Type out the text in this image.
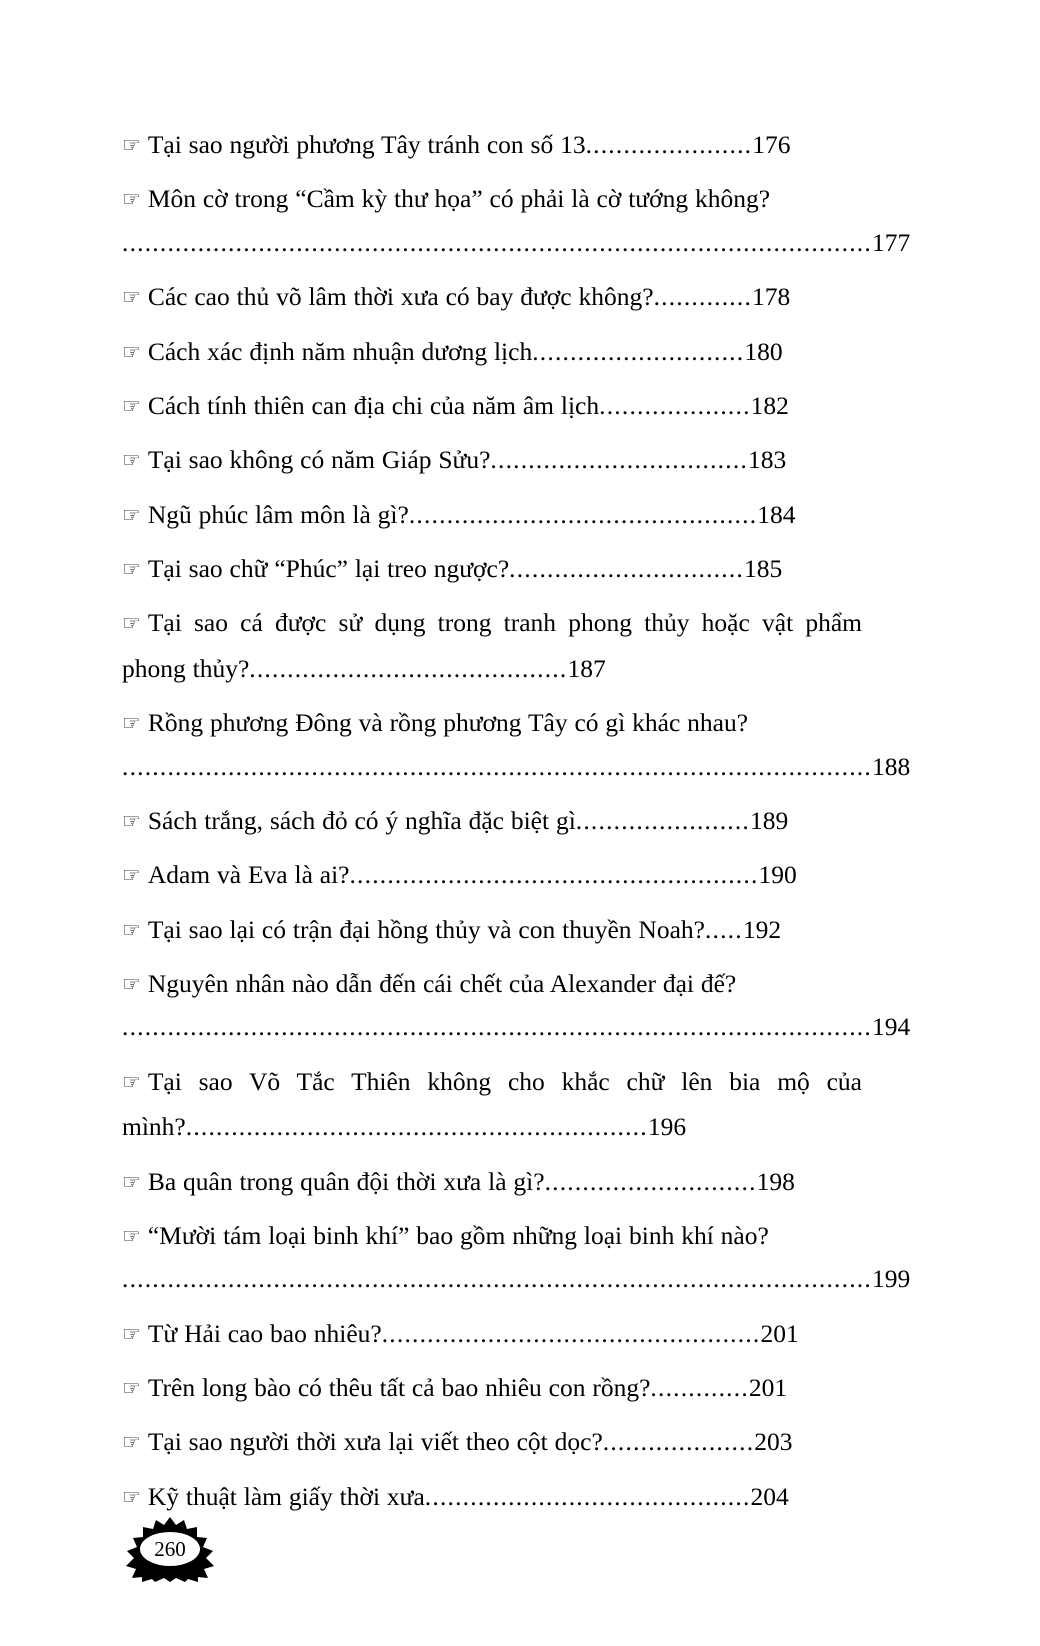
☞ Tại sao người phương Tây tránh con số 13......................176
☞ Môn cờ trong “Cầm kỳ thư họa” có phải là cờ tướng không?
...................................................................................................177
☞ Các cao thủ võ lâm thời xưa có bay được không?.............178
☞ Cách xác định năm nhuận dương lịch............................180
☞ Cách tính thiên can địa chi của năm âm lịch....................182
☞ Tại sao không có năm Giáp Sửu?..................................183
☞ Ngũ phúc lâm môn là gì?..............................................184
☞ Tại sao chữ “Phúc” lại treo ngược?...............................185
☞ Tại sao cá được sử dụng trong tranh phong thủy hoặc vật phẩm phong thủy?..........................................187
☞ Rồng phương Đông và rồng phương Tây có gì khác nhau?
...................................................................................................188
☞ Sách trắng, sách đỏ có ý nghĩa đặc biệt gì.......................189
☞ Adam và Eva là ai?......................................................190
☞ Tại sao lại có trận đại hồng thủy và con thuyền Noah?.....192
☞ Nguyên nhân nào dẫn đến cái chết của Alexander đại đế?
...................................................................................................194
☞ Tại sao Võ Tắc Thiên không cho khắc chữ lên bia mộ của mình?.............................................................196
☞ Ba quân trong quân đội thời xưa là gì?............................198
☞ “Mười tám loại binh khí” bao gồm những loại binh khí nào?
...................................................................................................199
☞ Từ Hải cao bao nhiêu?..................................................201
☞ Trên long bào có thêu tất cả bao nhiêu con rồng?.............201
☞ Tại sao người thời xưa lại viết theo cột dọc?....................203
☞ Kỹ thuật làm giấy thời xưa...........................................204
260
